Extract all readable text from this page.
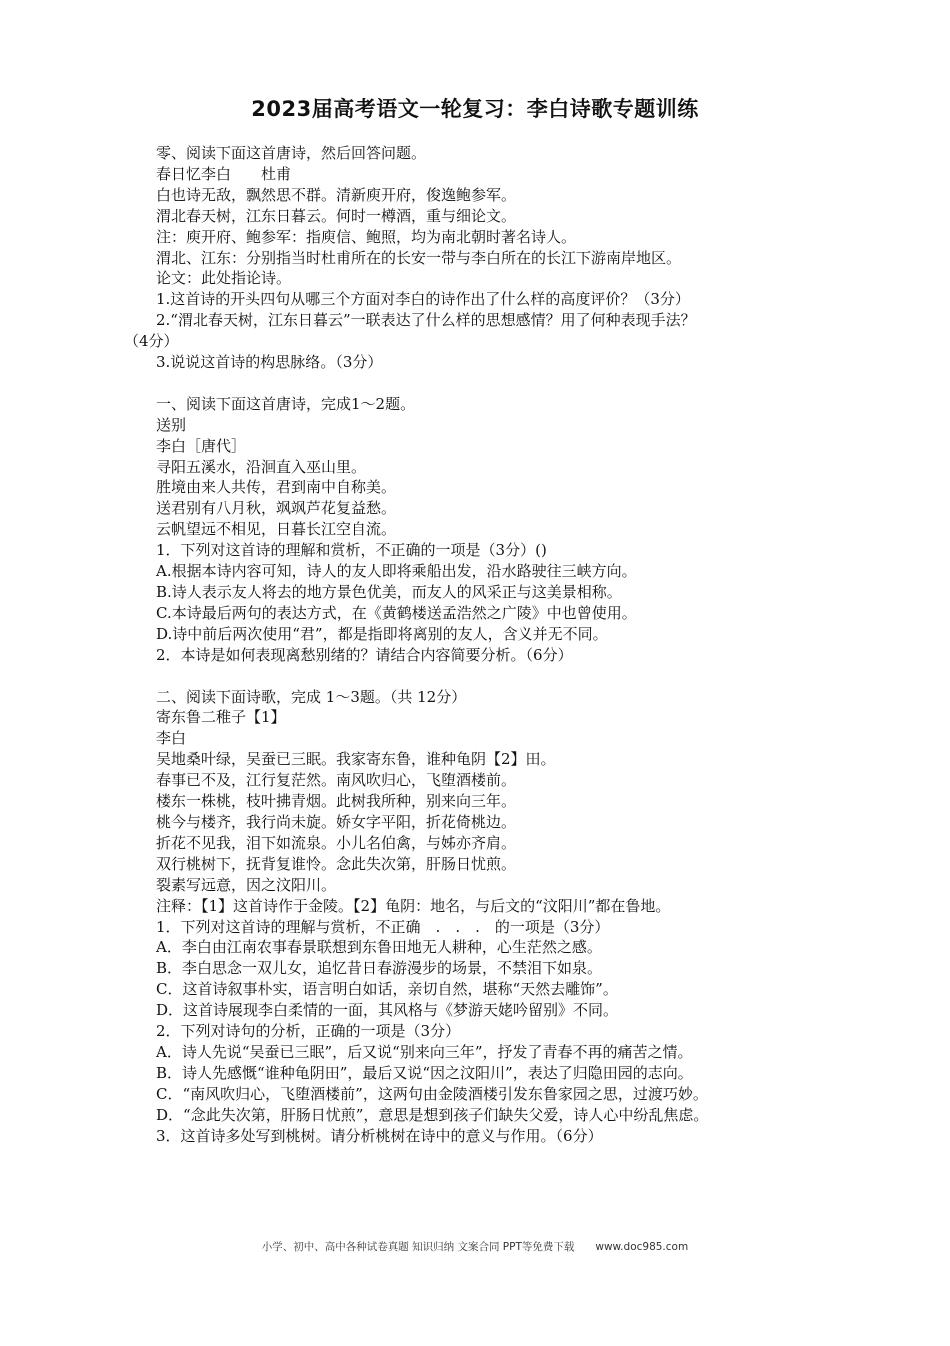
2023届高考语文一轮复习：李白诗歌专题训练
零、阅读下面这首唐诗，然后回答问题。
春日忆李白　　杜甫
白也诗无敌，飘然思不群。清新庾开府，俊逸鲍参军。
渭北春天树，江东日暮云。何时一樽酒，重与细论文。
注：庾开府、鲍参军：指庾信、鲍照，均为南北朝时著名诗人。
渭北、江东：分别指当时杜甫所在的长安一带与李白所在的长江下游南岸地区。
论文：此处指论诗。
1.这首诗的开头四句从哪三个方面对李白的诗作出了什么样的高度评价？（3分）
2.“渭北春天树，江东日暮云”一联表达了什么样的思想感情？用了何种表现手法？
（4分）
3.说说这首诗的构思脉络。（3分）
一、阅读下面这首唐诗，完成1～2题。
送别
李白［唐代］
寻阳五溪水，沿洄直入巫山里。
胜境由来人共传，君到南中自称美。
送君别有八月秋，飒飒芦花复益愁。
云帆望远不相见，日暮长江空自流。
1．下列对这首诗的理解和赏析，不正确的一项是（3分）()
A.根据本诗内容可知，诗人的友人即将乘船出发，沿水路驶往三峡方向。
B.诗人表示友人将去的地方景色优美，而友人的风采正与这美景相称。
C.本诗最后两句的表达方式，在《黄鹤楼送孟浩然之广陵》中也曾使用。
D.诗中前后两次使用“君”，都是指即将离别的友人，含义并无不同。
2．本诗是如何表现离愁别绪的？请结合内容简要分析。（6分）
二、阅读下面诗歌，完成 1～3题。（共 12分）
寄东鲁二稚子【1】
李白
吴地桑叶绿，吴蚕已三眠。我家寄东鲁，谁种龟阴【2】田。
春事已不及，江行复茫然。南风吹归心，飞堕酒楼前。
楼东一株桃，枝叶拂青烟。此树我所种，别来向三年。
桃今与楼齐，我行尚未旋。娇女字平阳，折花倚桃边。
折花不见我，泪下如流泉。小儿名伯禽，与姊亦齐肩。
双行桃树下，抚背复谁怜。念此失次第，肝肠日忧煎。
裂素写远意，因之汶阳川。
注释：【1】这首诗作于金陵。【2】龟阴：地名，与后文的“汶阳川”都在鲁地。
1．下列对这首诗的理解与赏析，不正确　.　.　.　的一项是（3分）
A．李白由江南农事春景联想到东鲁田地无人耕种，心生茫然之感。
B．李白思念一双儿女，追忆昔日春游漫步的场景，不禁泪下如泉。
C．这首诗叙事朴实，语言明白如话，亲切自然，堪称“天然去雕饰”。
D．这首诗展现李白柔情的一面，其风格与《梦游天姥吟留别》不同。
2．下列对诗句的分析，正确的一项是（3分）
A．诗人先说“吴蚕已三眠”，后又说“别来向三年”，抒发了青春不再的痛苦之情。
B．诗人先感慨“谁种龟阴田”，最后又说“因之汶阳川”，表达了归隐田园的志向。
C．“南风吹归心，飞堕酒楼前”，这两句由金陵酒楼引发东鲁家园之思，过渡巧妙。
D．“念此失次第，肝肠日忧煎”，意思是想到孩子们缺失父爱，诗人心中纷乱焦虑。
3．这首诗多处写到桃树。请分析桃树在诗中的意义与作用。（6分）
小学、初中、高中各种试卷真题 知识归纳 文案合同 PPT等免费下载　　www.doc985.com
